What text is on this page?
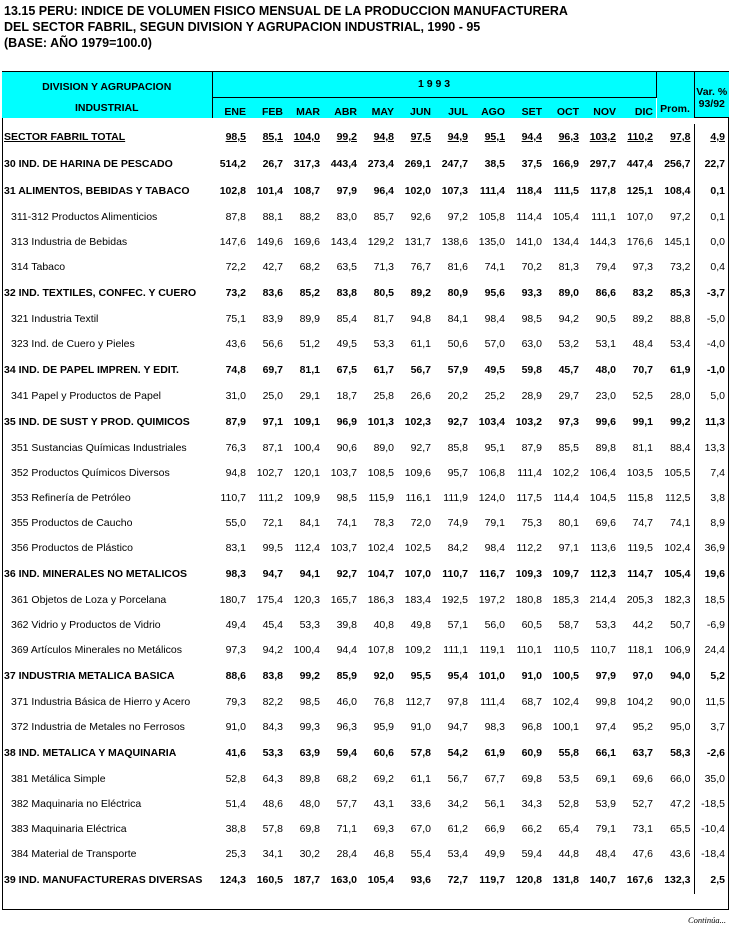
13.15 PERU: INDICE DE VOLUMEN FISICO MENSUAL DE LA PRODUCCION MANUFACTURERA
DEL SECTOR FABRIL, SEGUN DIVISION Y AGRUPACION INDUSTRIAL, 1990 - 95
(BASE: AÑO 1979=100.0)
DIVISION Y AGRUPACION
INDUSTRIAL	1 9 9 3												Prom.	Var. %
	ENE	FEB	MAR	ABR	MAY	JUN	JUL	AGO	SET	OCT	NOV	DIC		93/92

SECTOR FABRIL TOTAL	98,5	85,1	104,0	99,2	94,8	97,5	94,9	95,1	94,4	96,3	103,2	110,2	97,8	4,9
30 IND. DE HARINA DE PESCADO	514,2	26,7	317,3	443,4	273,4	269,1	247,7	38,5	37,5	166,9	297,7	447,4	256,7	22,7
31 ALIMENTOS, BEBIDAS Y TABACO	102,8	101,4	108,7	97,9	96,4	102,0	107,3	111,4	118,4	111,5	117,8	125,1	108,4	0,1
311-312 Productos Alimenticios	87,8	88,1	88,2	83,0	85,7	92,6	97,2	105,8	114,4	105,4	111,1	107,0	97,2	0,1
313 Industria de Bebidas	147,6	149,6	169,6	143,4	129,2	131,7	138,6	135,0	141,0	134,4	144,3	176,6	145,1	0,0
314 Tabaco	72,2	42,7	68,2	63,5	71,3	76,7	81,6	74,1	70,2	81,3	79,4	97,3	73,2	0,4
32 IND. TEXTILES, CONFEC. Y CUERO	73,2	83,6	85,2	83,8	80,5	89,2	80,9	95,6	93,3	89,0	86,6	83,2	85,3	-3,7
321 Industria Textil	75,1	83,9	89,9	85,4	81,7	94,8	84,1	98,4	98,5	94,2	90,5	89,2	88,8	-5,0
323 Ind. de Cuero y Pieles	43,6	56,6	51,2	49,5	53,3	61,1	50,6	57,0	63,0	53,2	53,1	48,4	53,4	-4,0
34 IND. DE PAPEL IMPREN. Y EDIT.	74,8	69,7	81,1	67,5	61,7	56,7	57,9	49,5	59,8	45,7	48,0	70,7	61,9	-1,0
341 Papel y Productos de Papel	31,0	25,0	29,1	18,7	25,8	26,6	20,2	25,2	28,9	29,7	23,0	52,5	28,0	5,0
35 IND. DE SUST Y PROD. QUIMICOS	87,9	97,1	109,1	96,9	101,3	102,3	92,7	103,4	103,2	97,3	99,6	99,1	99,2	11,3
351 Sustancias Químicas Industriales	76,3	87,1	100,4	90,6	89,0	92,7	85,8	95,1	87,9	85,5	89,8	81,1	88,4	13,3
352 Productos Químicos Diversos	94,8	102,7	120,1	103,7	108,5	109,6	95,7	106,8	111,4	102,2	106,4	103,5	105,5	7,4
353 Refinería de Petróleo	110,7	111,2	109,9	98,5	115,9	116,1	111,9	124,0	117,5	114,4	104,5	115,8	112,5	3,8
355 Productos de Caucho	55,0	72,1	84,1	74,1	78,3	72,0	74,9	79,1	75,3	80,1	69,6	74,7	74,1	8,9
356 Productos de Plástico	83,1	99,5	112,4	103,7	102,4	102,5	84,2	98,4	112,2	97,1	113,6	119,5	102,4	36,9
36 IND. MINERALES NO METALICOS	98,3	94,7	94,1	92,7	104,7	107,0	110,7	116,7	109,3	109,7	112,3	114,7	105,4	19,6
361 Objetos de Loza y Porcelana	180,7	175,4	120,3	165,7	186,3	183,4	192,5	197,2	180,8	185,3	214,4	205,3	182,3	18,5
362 Vidrio y Productos de Vidrio	49,4	45,4	53,3	39,8	40,8	49,8	57,1	56,0	60,5	58,7	53,3	44,2	50,7	-6,9
369 Artículos Minerales no Metálicos	97,3	94,2	100,4	94,4	107,8	109,2	111,1	119,1	110,1	110,5	110,7	118,1	106,9	24,4
37 INDUSTRIA METALICA BASICA	88,6	83,8	99,2	85,9	92,0	95,5	95,4	101,0	91,0	100,5	97,9	97,0	94,0	5,2
371 Industria Básica de Hierro y Acero	79,3	82,2	98,5	46,0	76,8	112,7	97,8	111,4	68,7	102,4	99,8	104,2	90,0	11,5
372 Industria de Metales no Ferrosos	91,0	84,3	99,3	96,3	95,9	91,0	94,7	98,3	96,8	100,1	97,4	95,2	95,0	3,7
38 IND. METALICA Y MAQUINARIA	41,6	53,3	63,9	59,4	60,6	57,8	54,2	61,9	60,9	55,8	66,1	63,7	58,3	-2,6
381 Metálica Simple	52,8	64,3	89,8	68,2	69,2	61,1	56,7	67,7	69,8	53,5	69,1	69,6	66,0	35,0
382 Maquinaria no Eléctrica	51,4	48,6	48,0	57,7	43,1	33,6	34,2	56,1	34,3	52,8	53,9	52,7	47,2	-18,5
383 Maquinaria Eléctrica	38,8	57,8	69,8	71,1	69,3	67,0	61,2	66,9	66,2	65,4	79,1	73,1	65,5	-10,4
384 Material de Transporte	25,3	34,1	30,2	28,4	46,8	55,4	53,4	49,9	59,4	44,8	48,4	47,6	43,6	-18,4
39 IND. MANUFACTURERAS DIVERSAS	124,3	160,5	187,7	163,0	105,4	93,6	72,7	119,7	120,8	131,8	140,7	167,6	132,3	2,5
Continúa...
